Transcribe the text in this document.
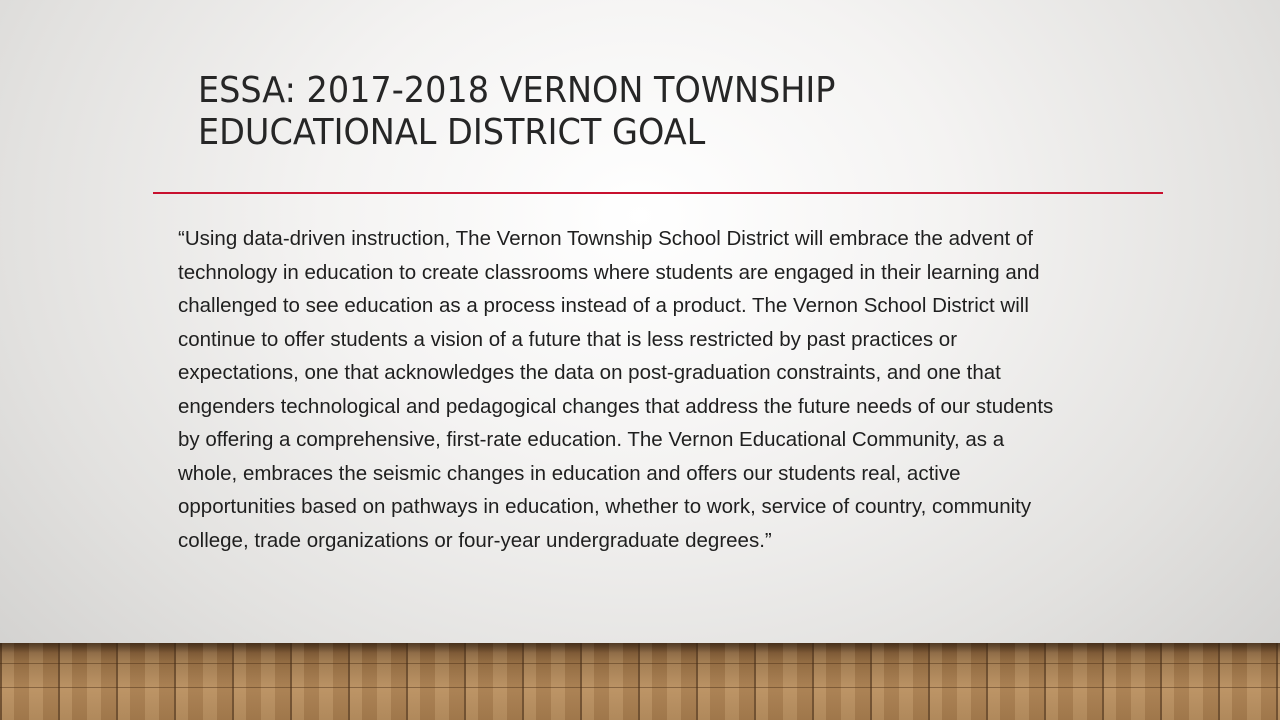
ESSA: 2017-2018 VERNON TOWNSHIP
EDUCATIONAL DISTRICT GOAL
“Using data-driven instruction, The Vernon Township School District will embrace the advent of
technology in education to create classrooms where students are engaged in their learning and
challenged to see education as a process instead of a product. The Vernon School District will
continue to offer students a vision of a future that is less restricted by past practices or
expectations, one that acknowledges the data on post-graduation constraints, and one that
engenders technological and pedagogical changes that address the future needs of our students
by offering a comprehensive, first-rate education. The Vernon Educational Community, as a
whole, embraces the seismic changes in education and offers our students real, active
opportunities based on pathways in education, whether to work, service of country, community
college, trade organizations or four-year undergraduate degrees.”
